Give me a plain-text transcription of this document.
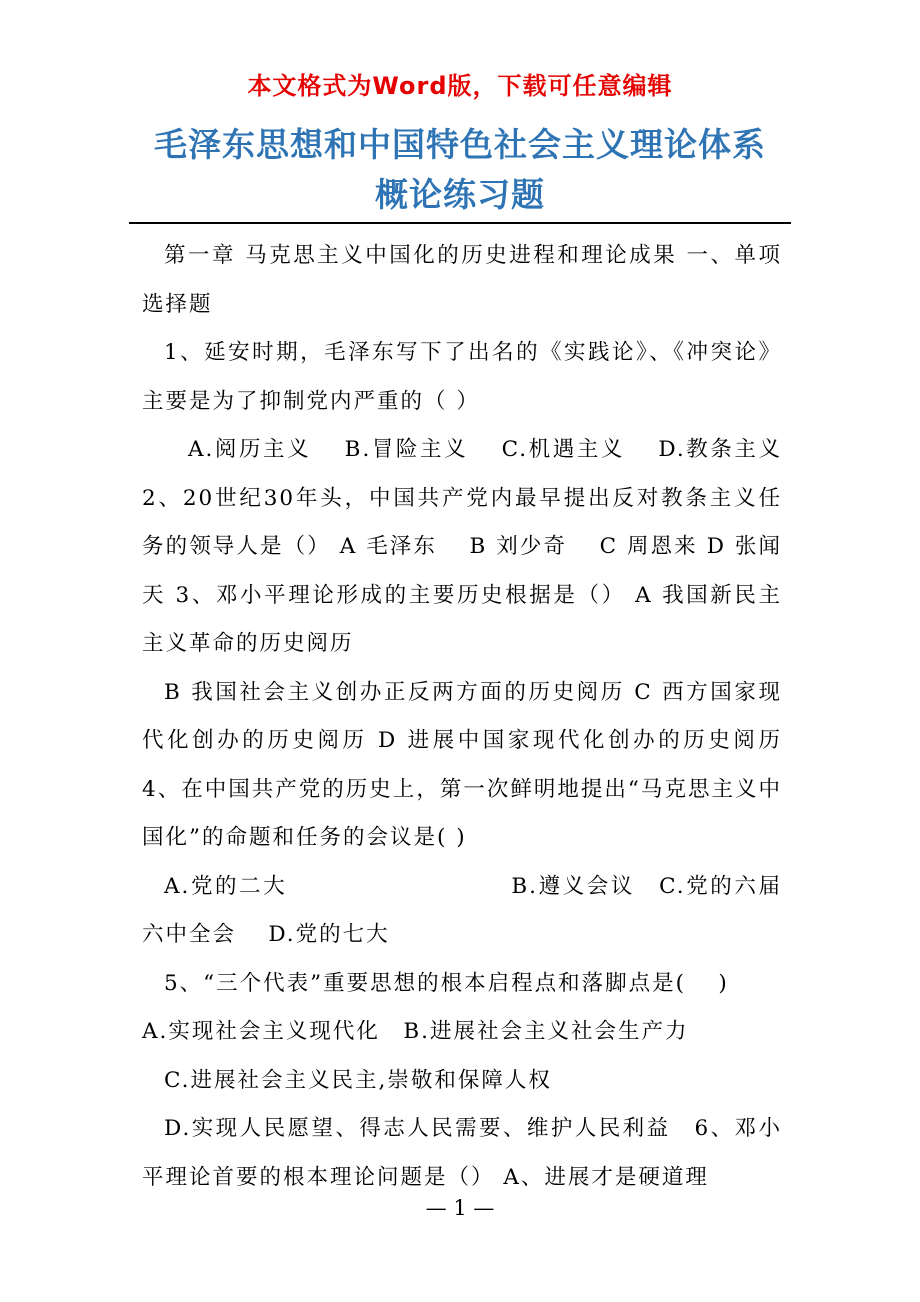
本文格式为Word版，下载可任意编辑
毛泽东思想和中国特色社会主义理论体系
概论练习题

第一章 马克思主义中国化的历史进程和理论成果 一、单项选择题

1、延安时期，毛泽东写下了出名的《实践论》、《冲突论》主要是为了抑制党内严重的（ ）

A.阅历主义　 B.冒险主义　 C.机遇主义　 D.教条主义 2、20世纪30年头，中国共产党内最早提出反对教条主义任务的领导人是（） A 毛泽东　 B 刘少奇　 C 周恩来 D 张闻天 3、邓小平理论形成的主要历史根据是（） A 我国新民主主义革命的历史阅历

B 我国社会主义创办正反两方面的历史阅历 C 西方国家现代化创办的历史阅历 D 进展中国家现代化创办的历史阅历 4、在中国共产党的历史上，第一次鲜明地提出“马克思主义中国化”的命题和任务的会议是( )

A.党的二大	B.遵义会议　C.党的六届六中全会　 D.党的七大

5、“三个代表”重要思想的根本启程点和落脚点是(　 )

A.实现社会主义现代化　B.进展社会主义社会生产力

C.进展社会主义民主,崇敬和保障人权

D.实现人民愿望、得志人民需要、维护人民利益　6、邓小平理论首要的根本理论问题是（） A、进展才是硬道理

— 1 —
